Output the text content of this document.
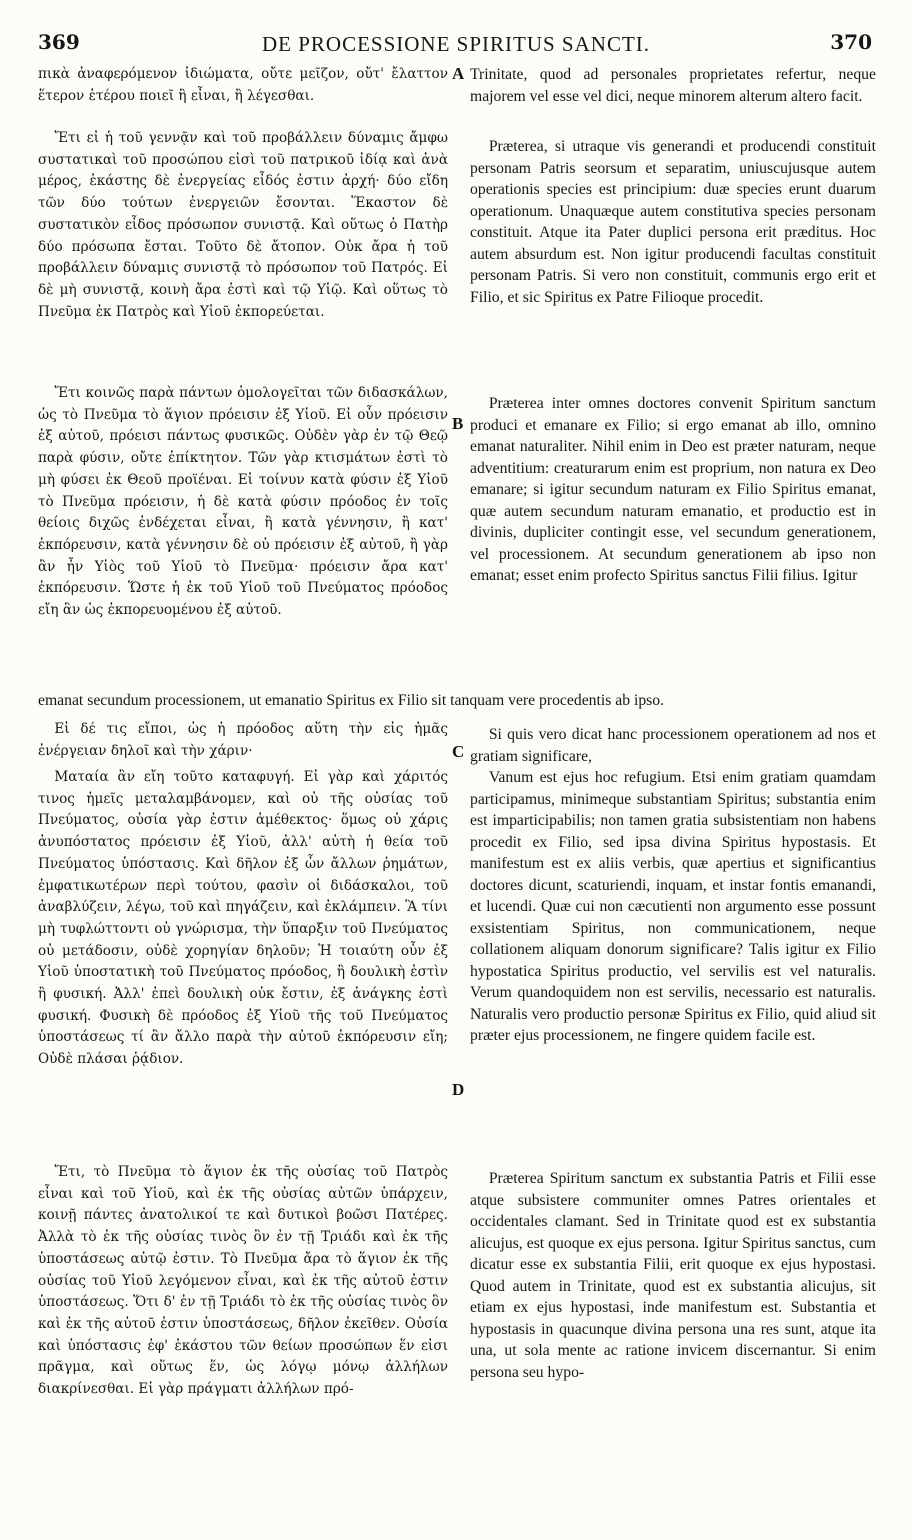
369	DE PROCESSIONE SPIRITUS SANCTI.	370

πικὰ ἀναφερόμενον ἰδιώματα, οὔτε μεῖζον, οὔτ' ἔλαττον ἕτερον ἑτέρου ποιεῖ ἢ εἶναι, ἢ λέγεσθαι.

Ἔτι εἰ ἡ τοῦ γεννᾷν καὶ τοῦ προβάλλειν δύναμις ἄμφω συστατικαὶ τοῦ προσώπου εἰσὶ τοῦ πατρικοῦ ἰδίᾳ καὶ ἀνὰ μέρος, ἑκάστης δὲ ἐνεργείας εἶδός ἐστιν ἀρχή· δύο εἴδη τῶν δύο τούτων ἐνεργειῶν ἔσονται. Ἕκαστον δὲ συστατικὸν εἶδος πρόσωπον συνιστᾷ. Καὶ οὕτως ὁ Πατὴρ δύο πρόσωπα ἔσται. Τοῦτο δὲ ἄτοπον. Οὐκ ἄρα ἡ τοῦ προβάλλειν δύναμις συνιστᾷ τὸ πρόσωπον τοῦ Πατρός. Εἰ δὲ μὴ συνιστᾷ, κοινὴ ἄρα ἐστὶ καὶ τῷ Υἱῷ. Καὶ οὕτως τὸ Πνεῦμα ἐκ Πατρὸς καὶ Υἱοῦ ἐκπορεύεται.

Ἔτι κοινῶς παρὰ πάντων ὁμολογεῖται τῶν διδασκάλων, ὡς τὸ Πνεῦμα τὸ ἅγιον πρόεισιν ἐξ Υἱοῦ. Εἰ οὖν πρόεισιν ἐξ αὐτοῦ, πρόεισι πάντως φυσικῶς. Οὐδὲν γὰρ ἐν τῷ Θεῷ παρὰ φύσιν, οὔτε ἐπίκτητον. Τῶν γὰρ κτισμάτων ἐστὶ τὸ μὴ φύσει ἐκ Θεοῦ προϊέναι. Εἰ τοίνυν κατὰ φύσιν ἐξ Υἱοῦ τὸ Πνεῦμα πρόεισιν, ἡ δὲ κατὰ φύσιν πρόοδος ἐν τοῖς θείοις διχῶς ἐνδέχεται εἶναι, ἢ κατὰ γέννησιν, ἢ κατ' ἐκπόρευσιν, κατὰ γέννησιν δὲ οὐ πρόεισιν ἐξ αὐτοῦ, ἢ γὰρ ἂν ἦν Υἱὸς τοῦ Υἱοῦ τὸ Πνεῦμα· πρόεισιν ἄρα κατ' ἐκπόρευσιν. Ὥστε ἡ ἐκ τοῦ Υἱοῦ τοῦ Πνεύματος πρόοδος εἴη ἂν ὡς ἐκπορευομένου ἐξ αὐτοῦ.

emanat secundum processionem, ut emanatio Spiritus ex Filio sit tanquam vere procedentis ab ipso.

Εἰ δέ τις εἴποι, ὡς ἡ πρόοδος αὕτη τὴν εἰς ἡμᾶς ἐνέργειαν δηλοῖ καὶ τὴν χάριν·

Ματαία ἂν εἴη τοῦτο καταφυγή. Εἰ γὰρ καὶ χάριτός τινος ἡμεῖς μεταλαμβάνομεν, καὶ οὐ τῆς οὐσίας τοῦ Πνεύματος, οὐσία γὰρ ἐστιν ἀμέθεκτος· ὅμως οὐ χάρις ἀνυπόστατος πρόεισιν ἐξ Υἱοῦ, ἀλλ' αὐτὴ ἡ θεία τοῦ Πνεύματος ὑπόστασις. Καὶ δῆλον ἐξ ὧν ἄλλων ῥημάτων, ἐμφατικωτέρων περὶ τούτου, φασὶν οἱ διδάσκαλοι, τοῦ ἀναβλύζειν, λέγω, τοῦ καὶ πηγάζειν, καὶ ἐκλάμπειν. Ἃ τίνι μὴ τυφλώττοντι οὐ γνώρισμα, τὴν ὕπαρξιν τοῦ Πνεύματος οὐ μετάδοσιν, οὐδὲ χορηγίαν δηλοῦν; Ἡ τοιαύτη οὖν ἐξ Υἱοῦ ὑποστατικὴ τοῦ Πνεύματος πρόοδος, ἢ δουλικὴ ἐστὶν ἢ φυσική. Ἀλλ' ἐπεὶ δουλικὴ οὐκ ἔστιν, ἐξ ἀνάγκης ἐστὶ φυσική. Φυσικὴ δὲ πρόοδος ἐξ Υἱοῦ τῆς τοῦ Πνεύματος ὑποστάσεως τί ἂν ἄλλο παρὰ τὴν αὐτοῦ ἐκπόρευσιν εἴη; Οὐδὲ πλάσαι ῥᾴδιον.

Ἔτι, τὸ Πνεῦμα τὸ ἅγιον ἐκ τῆς οὐσίας τοῦ Πατρὸς εἶναι καὶ τοῦ Υἱοῦ, καὶ ἐκ τῆς οὐσίας αὐτῶν ὑπάρχειν, κοινῇ πάντες ἀνατολικοί τε καὶ δυτικοὶ βοῶσι Πατέρες. Ἀλλὰ τὸ ἐκ τῆς οὐσίας τινὸς ὂν ἐν τῇ Τριάδι καὶ ἐκ τῆς ὑποστάσεως αὐτῷ ἐστιν. Τὸ Πνεῦμα ἄρα τὸ ἅγιον ἐκ τῆς οὐσίας τοῦ Υἱοῦ λεγόμενον εἶναι, καὶ ἐκ τῆς αὐτοῦ ἐστιν ὑποστάσεως. Ὅτι δ' ἐν τῇ Τριάδι τὸ ἐκ τῆς οὐσίας τινὸς ὂν καὶ ἐκ τῆς αὐτοῦ ἐστιν ὑποστάσεως, δῆλον ἐκεῖθεν. Οὐσία καὶ ὑπόστασις ἐφ' ἑκάστου τῶν θείων προσώπων ἕν εἰσι πρᾶγμα, καὶ οὕτως ἕν, ὡς λόγῳ μόνῳ ἀλλήλων διακρίνεσθαι. Εἰ γὰρ πράγματι ἀλλήλων πρό-

Trinitate, quod ad personales proprietates refertur, neque majorem vel esse vel dici, neque minorem alterum altero facit.

Præterea, si utraque vis generandi et producendi constituit personam Patris seorsum et separatim, uniuscujusque autem operationis species est principium: duæ species erunt duarum operationum. Unaquæque autem constitutiva species personam constituit. Atque ita Pater duplici persona erit præditus. Hoc autem absurdum est. Non igitur producendi facultas constituit personam Patris. Si vero non constituit, communis ergo erit et Filio, et sic Spiritus ex Patre Filioque procedit.

Præterea inter omnes doctores convenit Spiritum sanctum produci et emanare ex Filio; si ergo emanat ab illo, omnino emanat naturaliter. Nihil enim in Deo est præter naturam, neque adventitium: creaturarum enim est proprium, non natura ex Deo emanare; si igitur secundum naturam ex Filio Spiritus emanat, quæ autem secundum naturam emanatio, et productio est in divinis, dupliciter contingit esse, vel secundum generationem, vel processionem. At secundum generationem ab ipso non emanat; esset enim profecto Spiritus sanctus Filii filius. Igitur

Si quis vero dicat hanc processionem operationem ad nos et gratiam significare,

Vanum est ejus hoc refugium. Etsi enim gratiam quamdam participamus, minimeque substantiam Spiritus; substantia enim est imparticipabilis; non tamen gratia subsistentiam non habens procedit ex Filio, sed ipsa divina Spiritus hypostasis. Et manifestum est ex aliis verbis, quæ apertius et significantius doctores dicunt, scaturiendi, inquam, et instar fontis emanandi, et lucendi. Quæ cui non cæcutienti non argumento esse possunt exsistentiam Spiritus, non communicationem, neque collationem aliquam donorum significare? Talis igitur ex Filio hypostatica Spiritus productio, vel servilis est vel naturalis. Verum quandoquidem non est servilis, necessario est naturalis. Naturalis vero productio personæ Spiritus ex Filio, quid aliud sit præter ejus processionem, ne fingere quidem facile est.

Præterea Spiritum sanctum ex substantia Patris et Filii esse atque subsistere communiter omnes Patres orientales et occidentales clamant. Sed in Trinitate quod est ex substantia alicujus, est quoque ex ejus persona. Igitur Spiritus sanctus, cum dicatur esse ex substantia Filii, erit quoque ex ejus hypostasi. Quod autem in Trinitate, quod est ex substantia alicujus, sit etiam ex ejus hypostasi, inde manifestum est. Substantia et hypostasis in quacunque divina persona una res sunt, atque ita una, ut sola mente ac ratione invicem discernantur. Si enim persona seu hypo-

A
B
C
D
